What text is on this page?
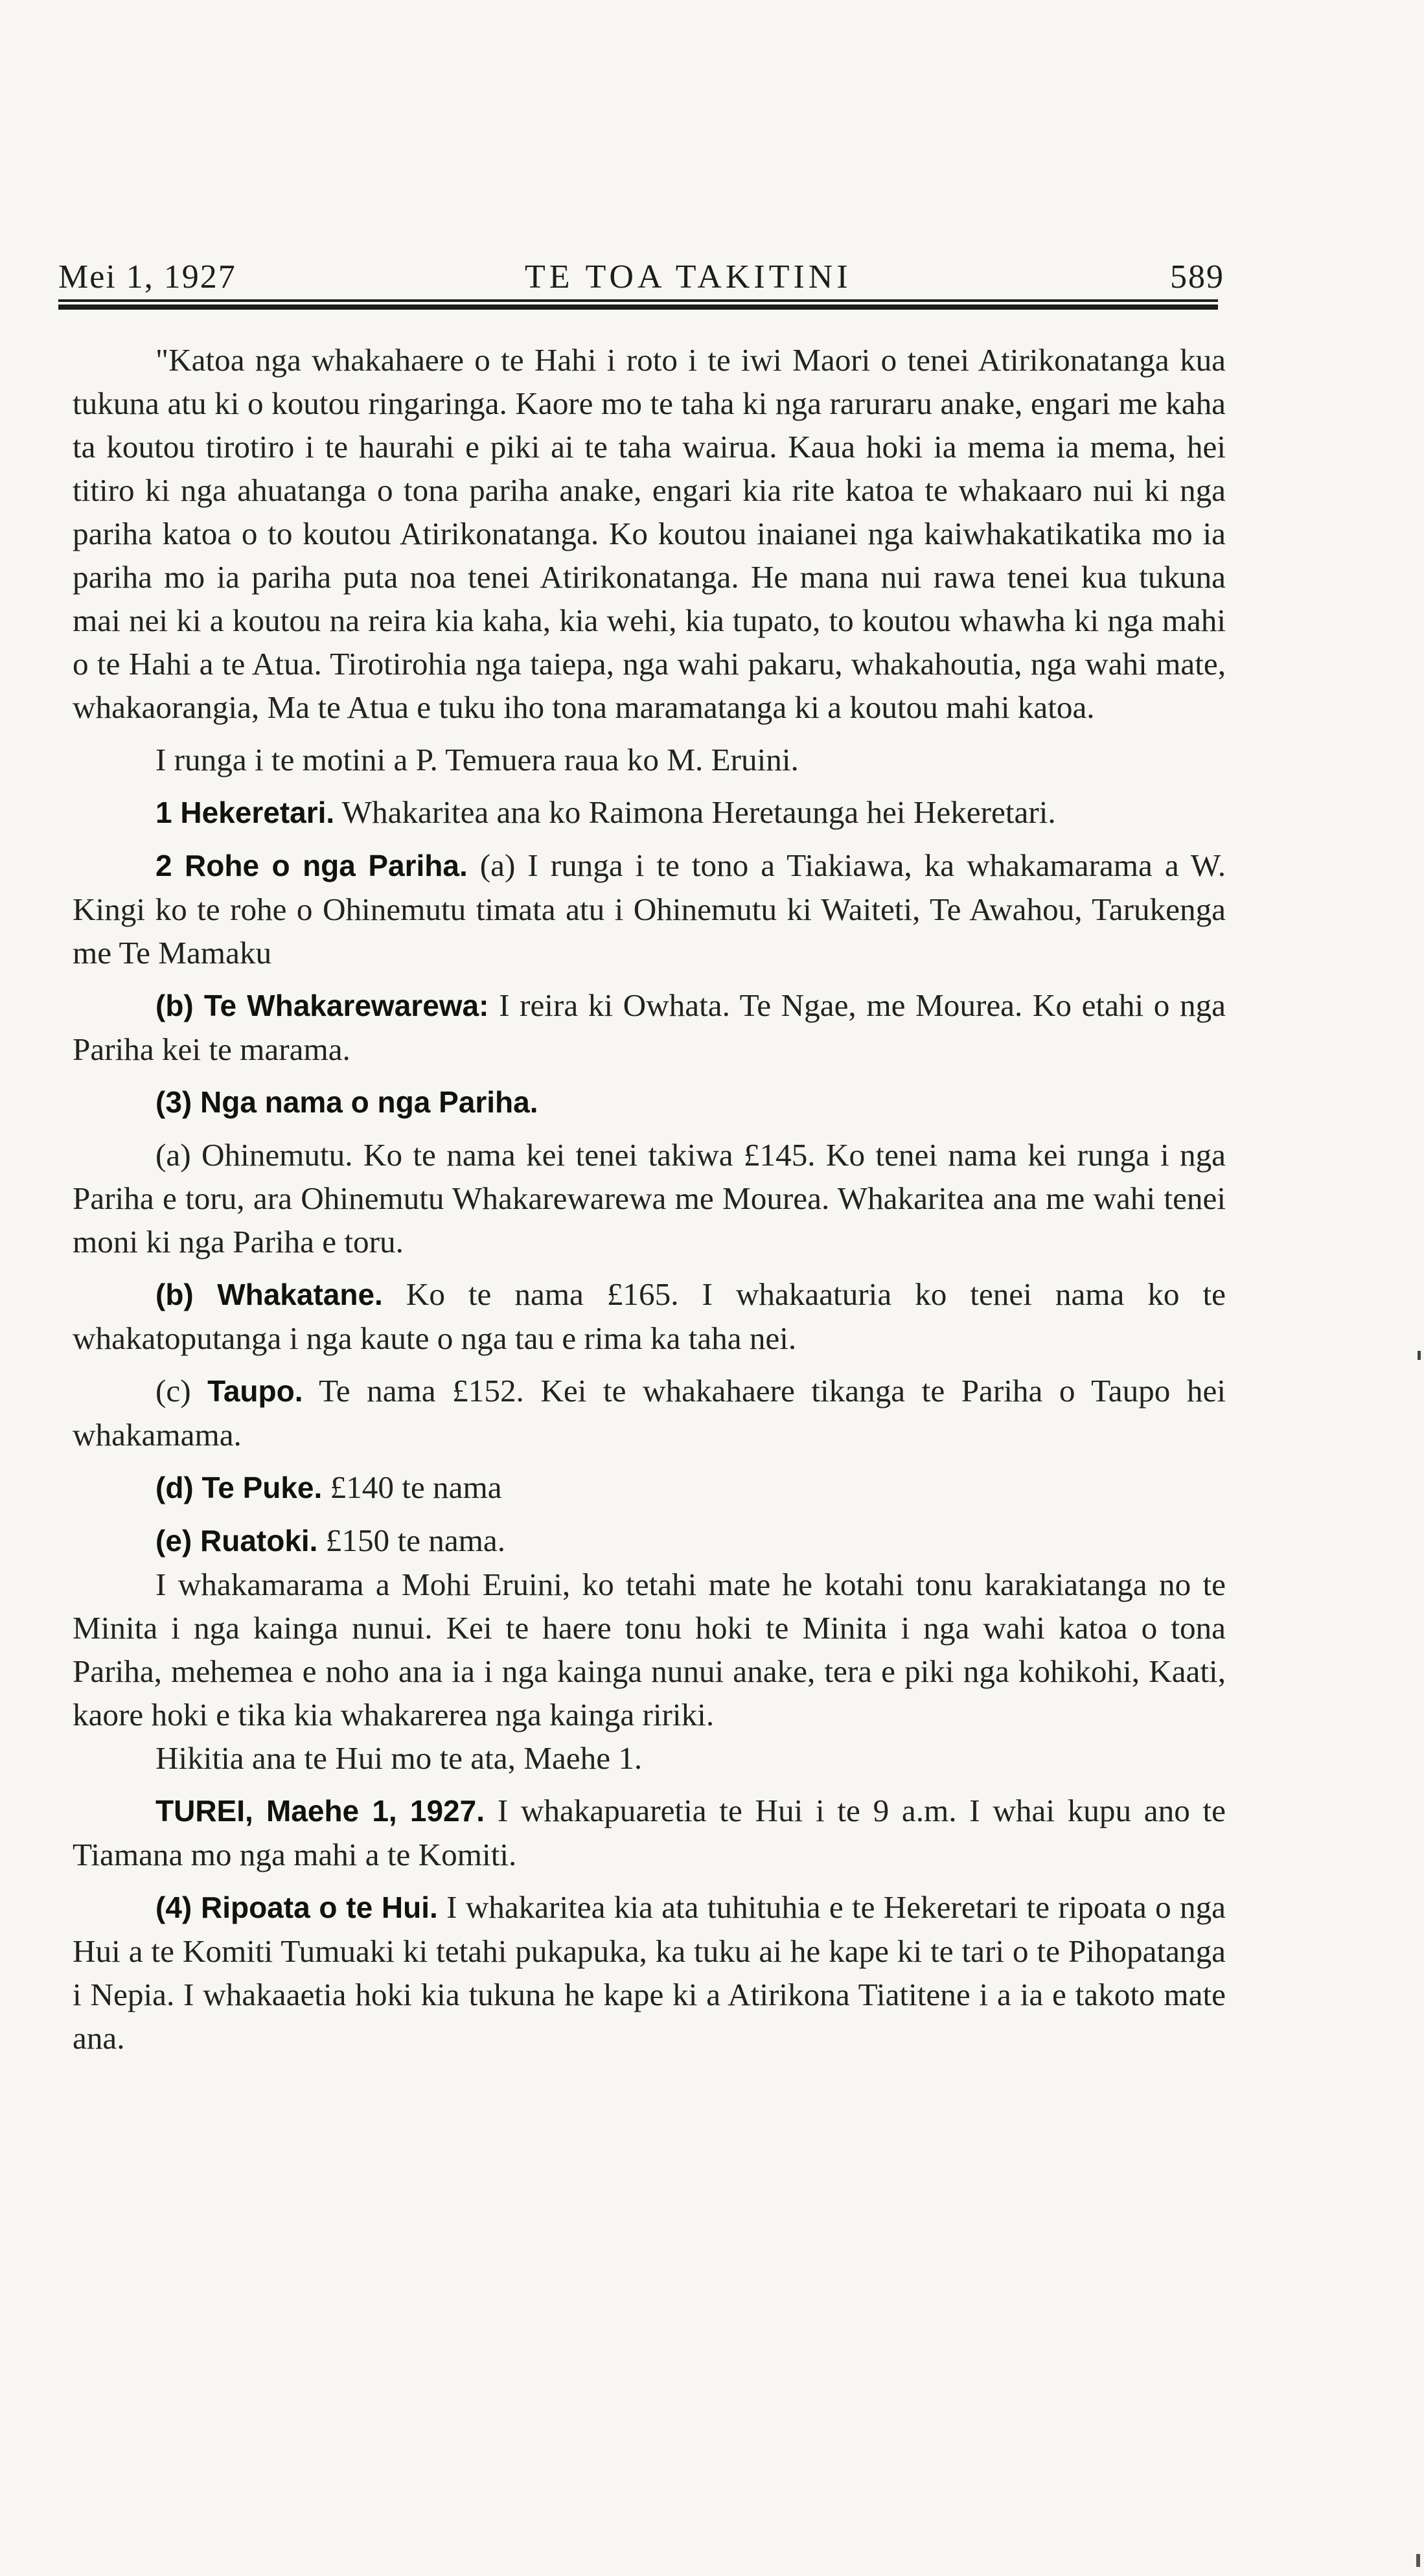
Mei 1, 1927	TE TOA TAKITINI	589

"Katoa nga whakahaere o te Hahi i roto i te iwi Maori o tenei Atirikonatanga kua tukuna atu ki o koutou ringaringa. Kaore mo te taha ki nga raruraru anake, engari me kaha ta koutou tirotiro i te haurahi e piki ai te taha wairua. Kaua hoki ia mema ia mema, hei titiro ki nga ahuatanga o tona pariha anake, engari kia rite katoa te whakaaro nui ki nga pariha katoa o to koutou Atirikonatanga. Ko koutou inaianei nga kaiwhakatikatika mo ia pariha mo ia pariha puta noa tenei Atirikonatanga. He mana nui rawa tenei kua tukuna mai nei ki a koutou na reira kia kaha, kia wehi, kia tupato, to koutou whawha ki nga mahi o te Hahi a te Atua. Tirotirohia nga taiepa, nga wahi pakaru, whakahoutia, nga wahi mate, whakaorangia, Ma te Atua e tuku iho tona maramatanga ki a koutou mahi katoa.

I runga i te motini a P. Temuera raua ko M. Eruini.

1 Hekeretari. Whakaritea ana ko Raimona Heretaunga hei Hekeretari.

2 Rohe o nga Pariha. (a) I runga i te tono a Tiakiawa, ka whakamarama a W. Kingi ko te rohe o Ohinemutu timata atu i Ohinemutu ki Waiteti, Te Awahou, Tarukenga me Te Mamaku

(b) Te Whakarewarewa: I reira ki Owhata. Te Ngae, me Mourea. Ko etahi o nga Pariha kei te marama.

(3) Nga nama o nga Pariha.

(a) Ohinemutu. Ko te nama kei tenei takiwa £145. Ko tenei nama kei runga i nga Pariha e toru, ara Ohinemutu Whakarewarewa me Mourea. Whakaritea ana me wahi tenei moni ki nga Pariha e toru.

(b) Whakatane. Ko te nama £165. I whakaaturia ko tenei nama ko te whakatoputanga i nga kaute o nga tau e rima ka taha nei.

(c) Taupo. Te nama £152. Kei te whakahaere tikanga te Pariha o Taupo hei whakamama.

(d) Te Puke. £140 te nama

(e) Ruatoki. £150 te nama.

I whakamarama a Mohi Eruini, ko tetahi mate he kotahi tonu karakiatanga no te Minita i nga kainga nunui. Kei te haere tonu hoki te Minita i nga wahi katoa o tona Pariha, mehemea e noho ana ia i nga kainga nunui anake, tera e piki nga kohikohi, Kaati, kaore hoki e tika kia whakarerea nga kainga ririki.

Hikitia ana te Hui mo te ata, Maehe 1.

TUREI, Maehe 1, 1927. I whakapuaretia te Hui i te 9 a.m. I whai kupu ano te Tiamana mo nga mahi a te Komiti.

(4) Ripoata o te Hui. I whakaritea kia ata tuhituhia e te Hekeretari te ripoata o nga Hui a te Komiti Tumuaki ki tetahi pukapuka, ka tuku ai he kape ki te tari o te Pihopatanga i Nepia. I whakaaetia hoki kia tukuna he kape ki a Atirikona Tiatitene i a ia e takoto mate ana.
